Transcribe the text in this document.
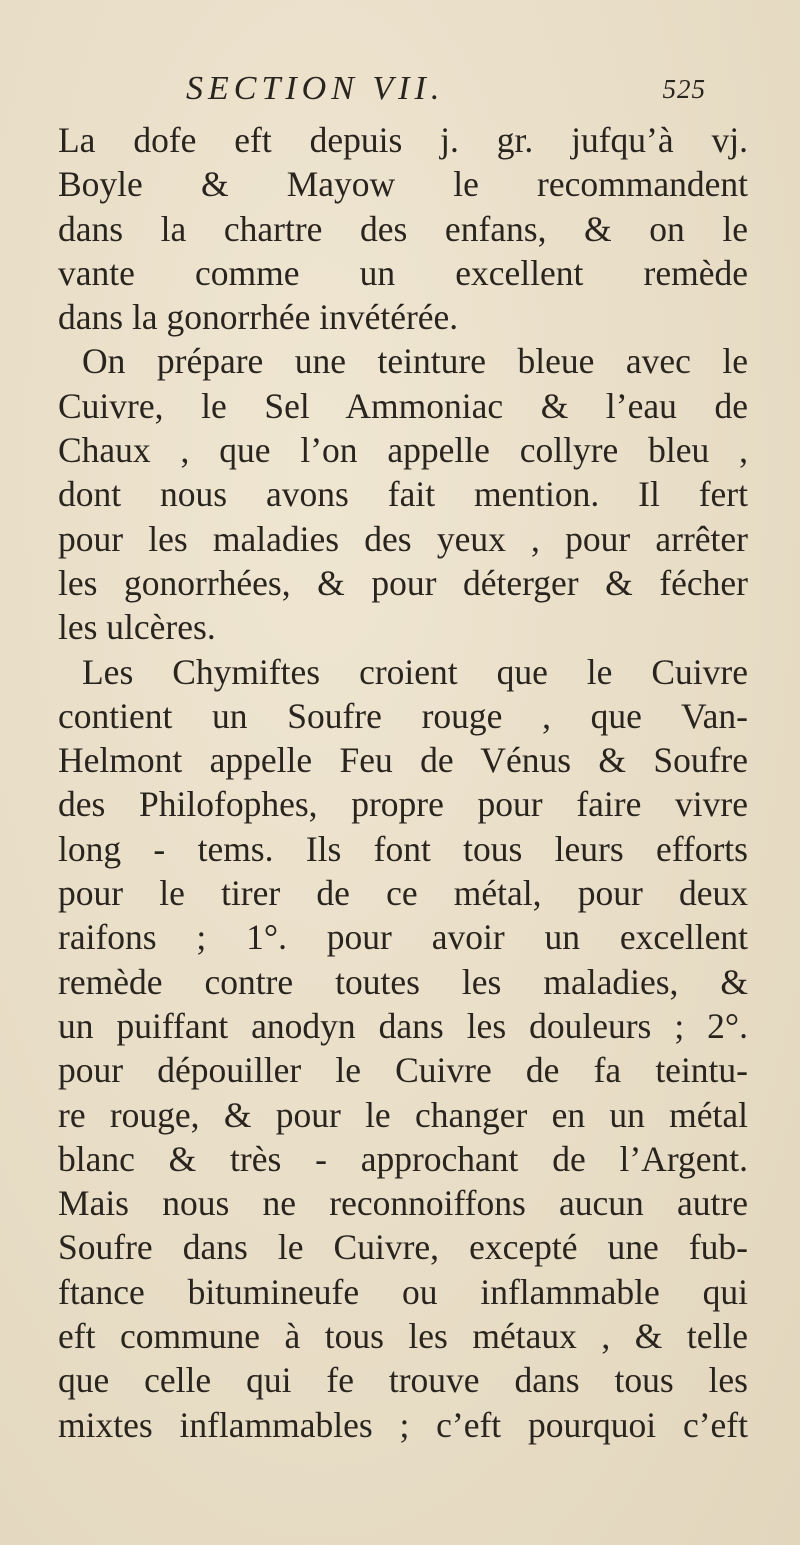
SECTION VII.	525
La dofe eft depuis j. gr. jufqu’à vj.
Boyle & Mayow le recommandent
dans la chartre des enfans, & on le
vante comme un excellent remède
dans la gonorrhée invétérée.
On prépare une teinture bleue avec le
Cuivre, le Sel Ammoniac & l’eau de
Chaux , que l’on appelle collyre bleu ,
dont nous avons fait mention. Il fert
pour les maladies des yeux , pour arrêter
les gonorrhées, & pour déterger & fécher
les ulcères.
Les Chymiftes croient que le Cuivre
contient un Soufre rouge , que Van-
Helmont appelle Feu de Vénus & Soufre
des Philofophes, propre pour faire vivre
long - tems. Ils font tous leurs efforts
pour le tirer de ce métal, pour deux
raifons ; 1°. pour avoir un excellent
remède contre toutes les maladies, &
un puiffant anodyn dans les douleurs ; 2°.
pour dépouiller le Cuivre de fa teintu-
re rouge, & pour le changer en un métal
blanc & très - approchant de l’Argent.
Mais nous ne reconnoiffons aucun autre
Soufre dans le Cuivre, excepté une fub-
ftance bitumineufe ou inflammable qui
eft commune à tous les métaux , & telle
que celle qui fe trouve dans tous les
mixtes inflammables ; c’eft pourquoi c’eft
